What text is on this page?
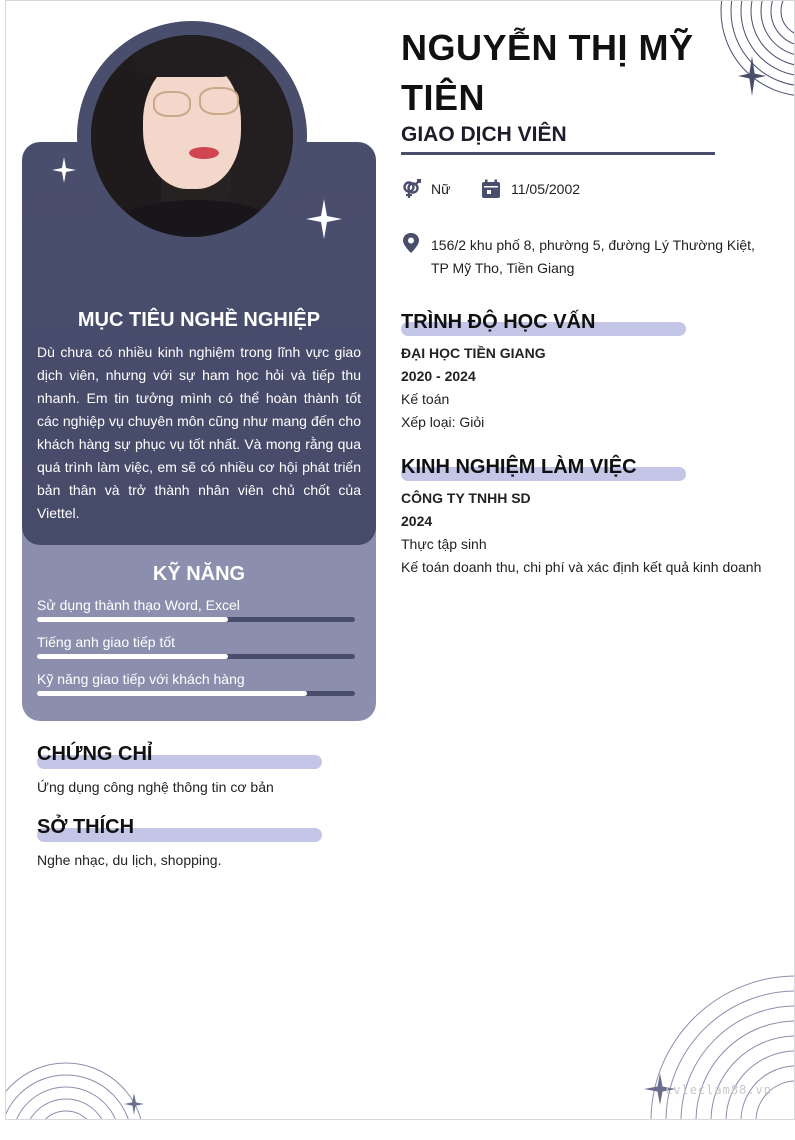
MỤC TIÊU NGHỀ NGHIỆP
Dù chưa có nhiều kinh nghiệm trong lĩnh vực giao dịch viên, nhưng với sự ham học hỏi và tiếp thu nhanh. Em tin tưởng mình có thể hoàn thành tốt các nghiệp vụ chuyên môn cũng như mang đến cho khách hàng sự phục vụ tốt nhất. Và mong rằng qua quá trình làm việc, em sẽ có nhiều cơ hội phát triển bản thân và trở thành nhân viên chủ chốt của Viettel.
KỸ NĂNG
Sử dụng thành thạo Word, Excel
Tiếng anh giao tiếp tốt
Kỹ năng giao tiếp với khách hàng
CHỨNG CHỈ
Ứng dụng công nghệ thông tin cơ bản
SỞ THÍCH
Nghe nhạc, du lịch, shopping.
NGUYỄN THỊ MỸ TIÊN
GIAO DỊCH VIÊN
Nữ	11/05/2002
156/2 khu phố 8, phường 5, đường Lý Thường Kiệt, TP Mỹ Tho, Tiền Giang
TRÌNH ĐỘ HỌC VẤN
ĐẠI HỌC TIỀN GIANG
2020 - 2024
Kế toán
Xếp loại: Giỏi
KINH NGHIỆM LÀM VIỆC
CÔNG TY TNHH SD
2024
Thực tập sinh
Kế toán doanh thu, chi phí và xác định kết quả kinh doanh
cvleclam88.vn
